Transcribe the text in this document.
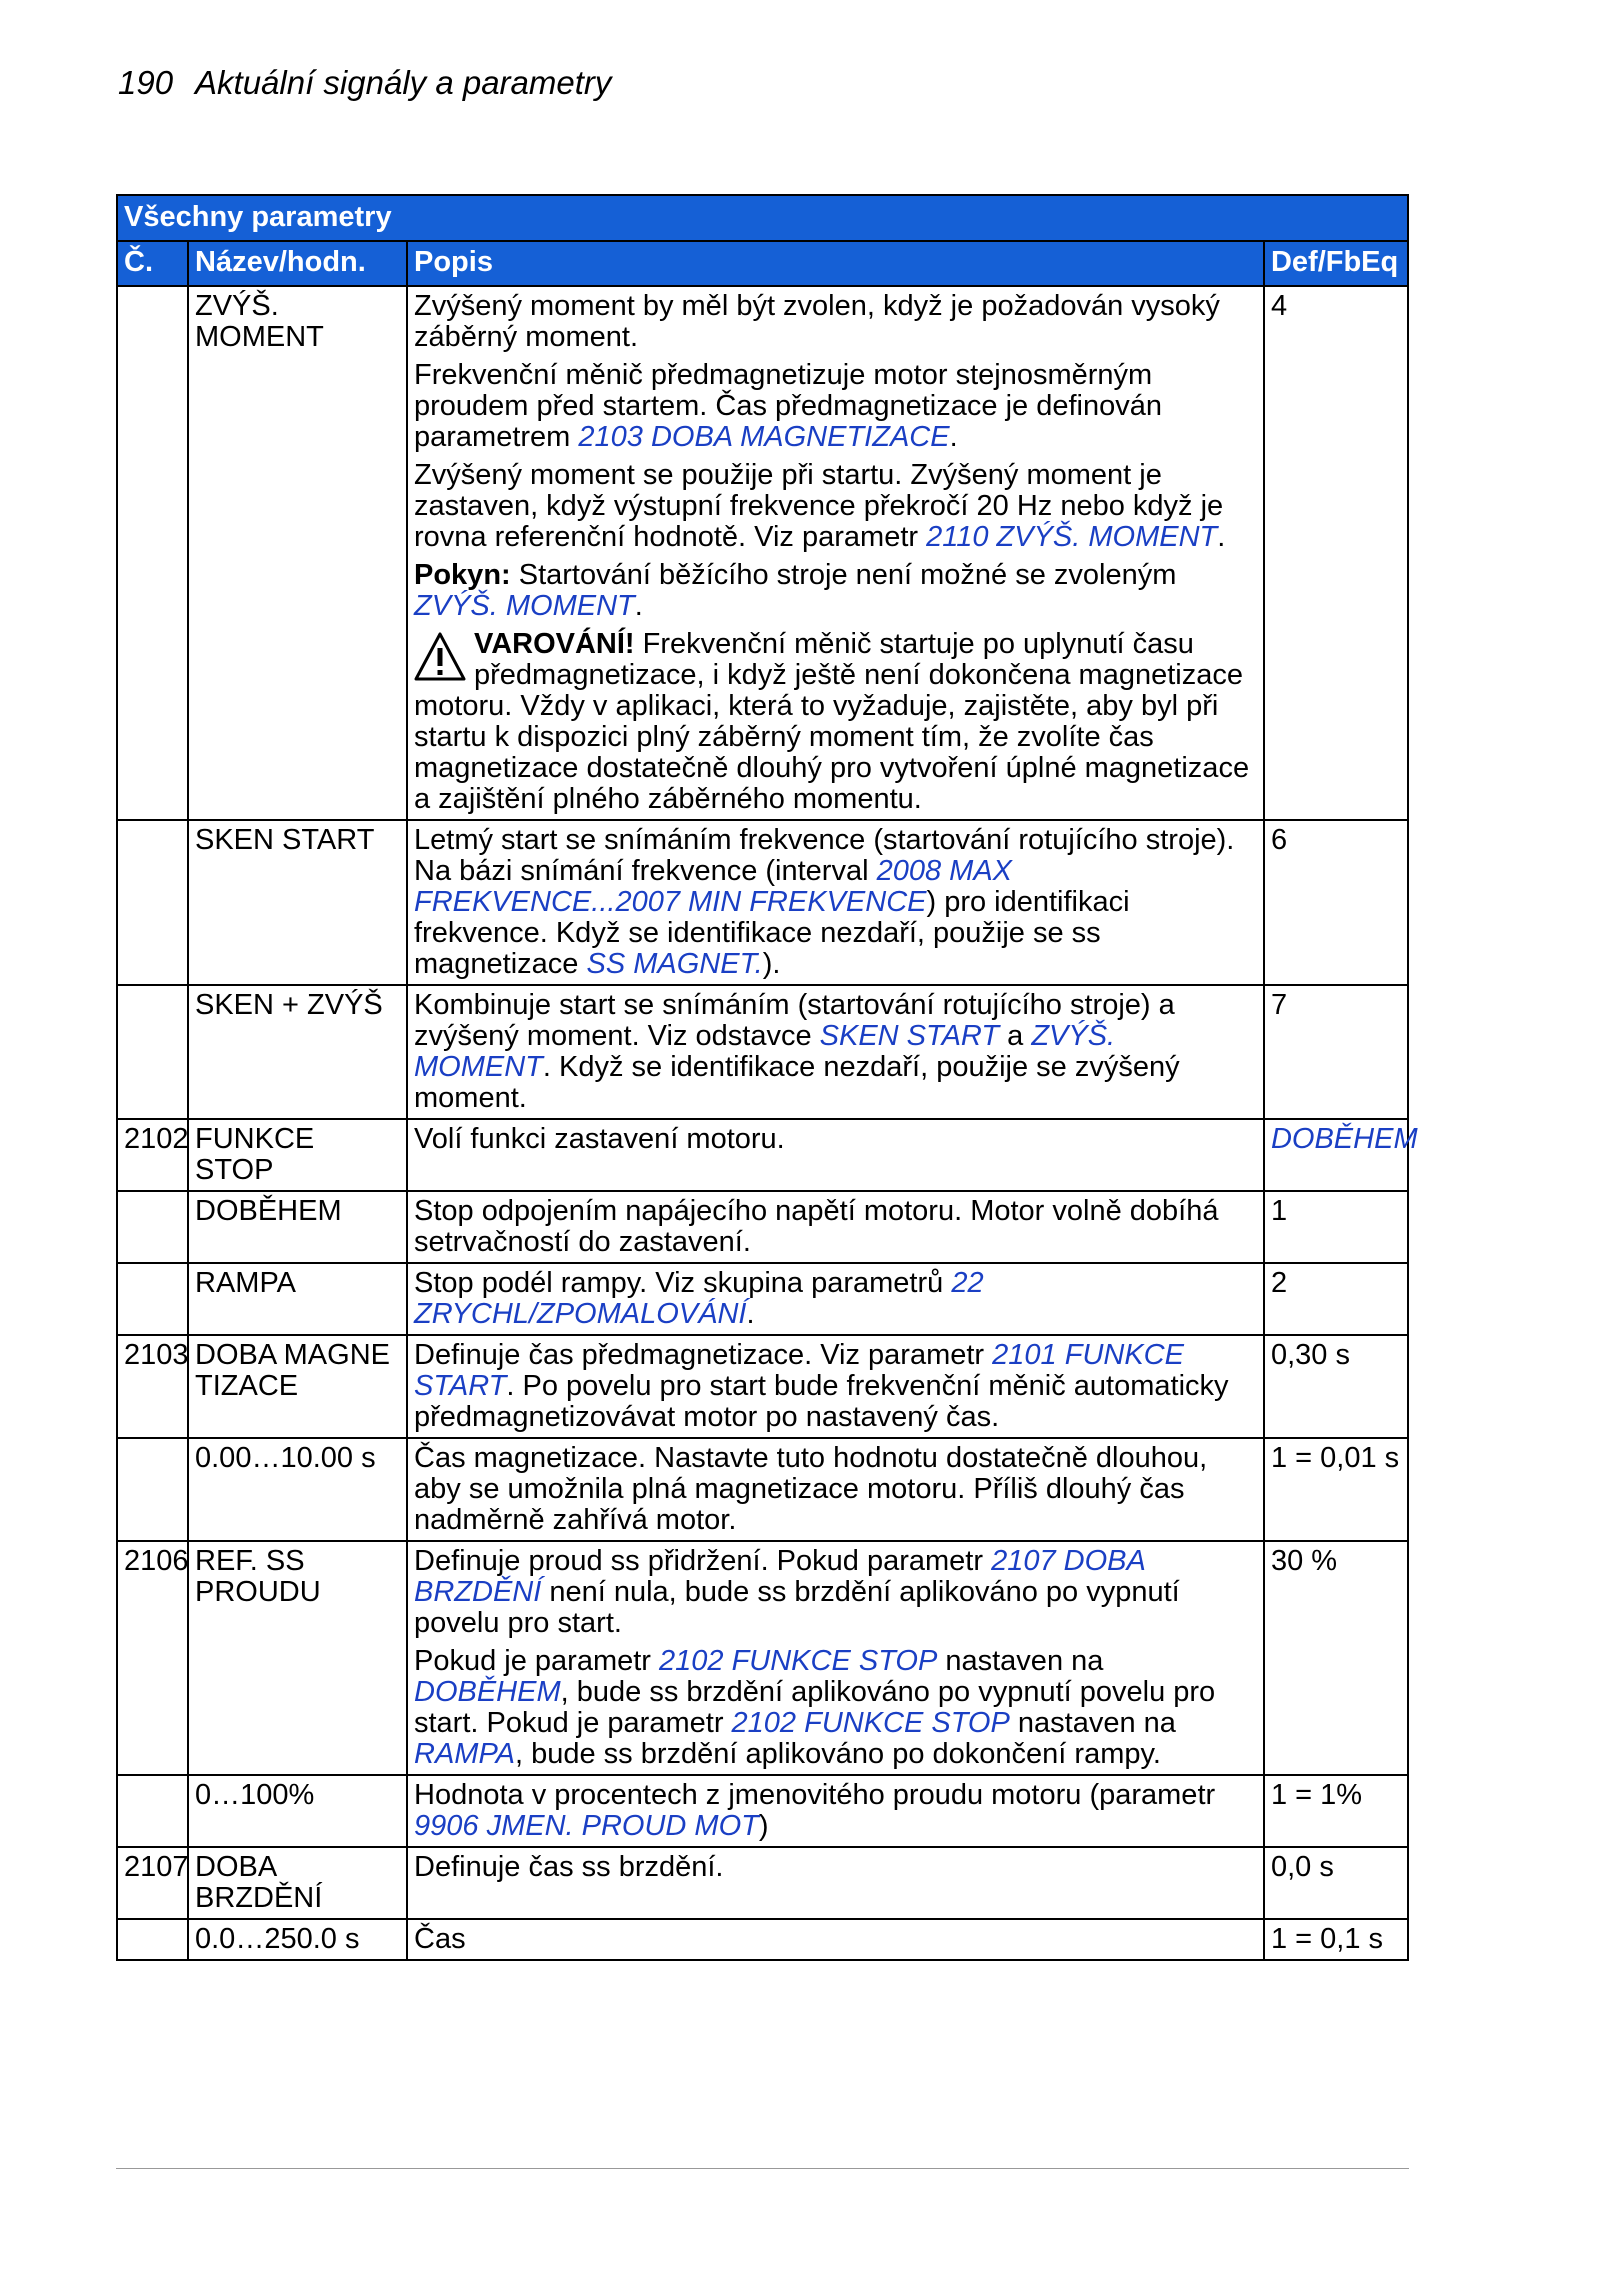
190 Aktuální signály a parametry
Všechny parametry			
Č.	Název/hodn.	Popis	Def/FbEq
	ZVÝŠ. MOMENT	Zvýšený moment by měl být zvolen, když je požadován vysoký záběrný moment.

Frekvenční měnič předmagnetizuje motor stejnosměrným proudem před startem. Čas předmagnetizace je definován parametrem 2103 DOBA MAGNETIZACE.

Zvýšený moment se použije při startu. Zvýšený moment je zastaven, když výstupní frekvence překročí 20 Hz nebo když je rovna referenční hodnotě. Viz parametr 2110 ZVÝŠ. MOMENT.

Pokyn: Startování běžícího stroje není možné se zvoleným ZVÝŠ. MOMENT.

VAROVÁNÍ! Frekvenční měnič startuje po uplynutí času předmagnetizace, i když ještě není dokončena magnetizace motoru. Vždy v aplikaci, která to vyžaduje, zajistěte, aby byl při startu k dispozici plný záběrný moment tím, že zvolíte čas magnetizace dostatečně dlouhý pro vytvoření úplné magnetizace a zajištění plného záběrného momentu.	4
	SKEN START	Letmý start se snímáním frekvence (startování rotujícího stroje). Na bázi snímání frekvence (interval 2008 MAX FREKVENCE...2007 MIN FREKVENCE) pro identifikaci frekvence. Když se identifikace nezdaří, použije se ss magnetizace SS MAGNET.).	6
	SKEN + ZVÝŠ	Kombinuje start se snímáním (startování rotujícího stroje) a zvýšený moment. Viz odstavce SKEN START a ZVÝŠ. MOMENT. Když se identifikace nezdaří, použije se zvýšený moment.	7
2102	FUNKCE STOP	Volí funkci zastavení motoru.	DOBĚHEM
	DOBĚHEM	Stop odpojením napájecího napětí motoru. Motor volně dobíhá setrvačností do zastavení.	1
	RAMPA	Stop podél rampy. Viz skupina parametrů 22 ZRYCHL/ZPOMALOVÁNÍ.	2
2103	DOBA MAGNETIZACE	Definuje čas předmagnetizace. Viz parametr 2101 FUNKCE START. Po povelu pro start bude frekvenční měnič automaticky předmagnetizovávat motor po nastavený čas.	0,30 s
	0.00…10.00 s	Čas magnetizace. Nastavte tuto hodnotu dostatečně dlouhou, aby se umožnila plná magnetizace motoru. Příliš dlouhý čas nadměrně zahřívá motor.	1 = 0,01 s
2106	REF. SS PROUDU	Definuje proud ss přidržení. Pokud parametr 2107 DOBA BRZDĚNÍ není nula, bude ss brzdění aplikováno po vypnutí povelu pro start.

Pokud je parametr 2102 FUNKCE STOP nastaven na DOBĚHEM, bude ss brzdění aplikováno po vypnutí povelu pro start. Pokud je parametr 2102 FUNKCE STOP nastaven na RAMPA, bude ss brzdění aplikováno po dokončení rampy.	30 %
	0…100%	Hodnota v procentech z jmenovitého proudu motoru (parametr 9906 JMEN. PROUD MOT)	1 = 1%
2107	DOBA BRZDĚNÍ	Definuje čas ss brzdění.	0,0 s
	0.0…250.0 s	Čas	1 = 0,1 s
